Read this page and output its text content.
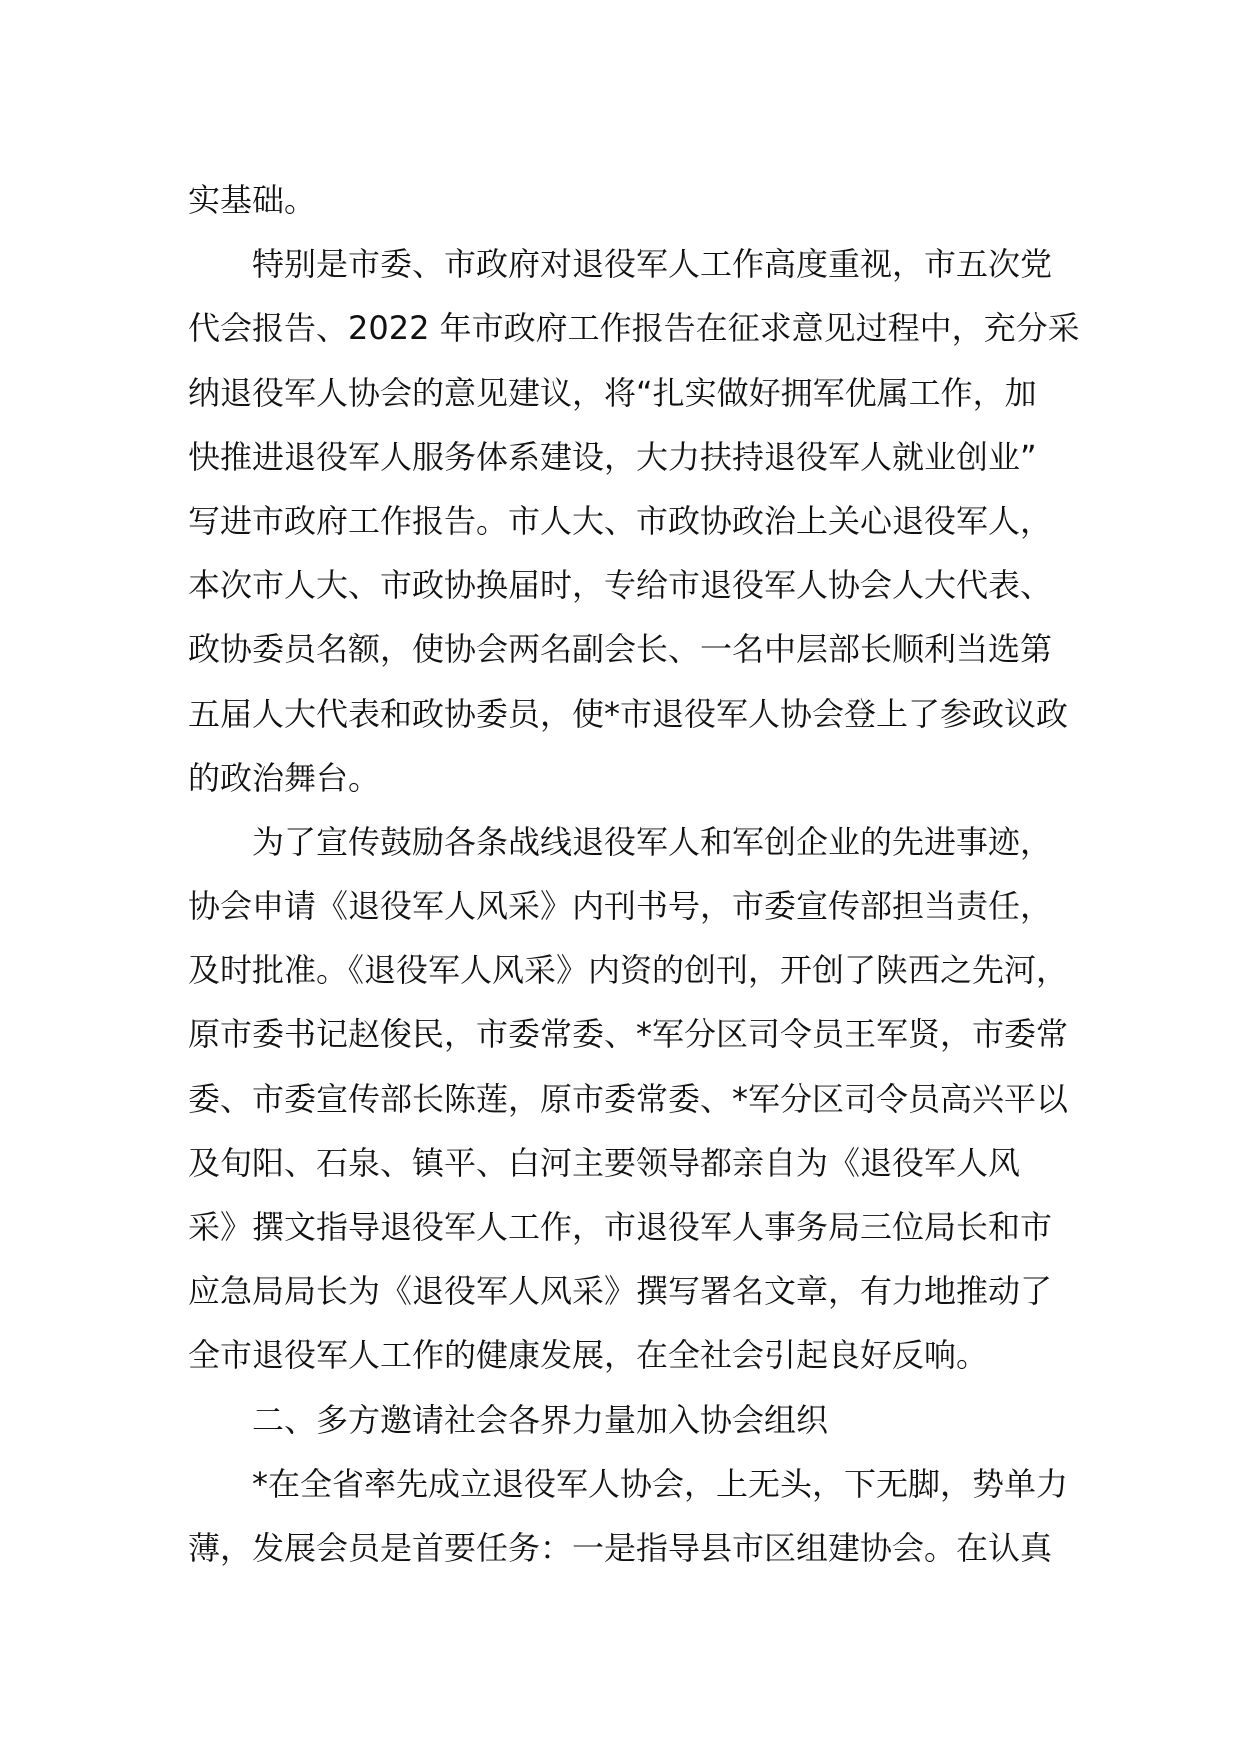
实基础。
特别是市委、市政府对退役军人工作高度重视，市五次党
代会报告、2022 年市政府工作报告在征求意见过程中，充分采
纳退役军人协会的意见建议，将“扎实做好拥军优属工作，加
快推进退役军人服务体系建设，大力扶持退役军人就业创业”
写进市政府工作报告。市人大、市政协政治上关心退役军人，
本次市人大、市政协换届时，专给市退役军人协会人大代表、
政协委员名额，使协会两名副会长、一名中层部长顺利当选第
五届人大代表和政协委员，使*市退役军人协会登上了参政议政
的政治舞台。
为了宣传鼓励各条战线退役军人和军创企业的先进事迹，
协会申请《退役军人风采》内刊书号，市委宣传部担当责任，
及时批准。《退役军人风采》内资的创刊，开创了陕西之先河，
原市委书记赵俊民，市委常委、*军分区司令员王军贤，市委常
委、市委宣传部长陈莲，原市委常委、*军分区司令员高兴平以
及旬阳、石泉、镇平、白河主要领导都亲自为《退役军人风
采》撰文指导退役军人工作，市退役军人事务局三位局长和市
应急局局长为《退役军人风采》撰写署名文章，有力地推动了
全市退役军人工作的健康发展，在全社会引起良好反响。
二、多方邀请社会各界力量加入协会组织
*在全省率先成立退役军人协会，上无头，下无脚，势单力
薄，发展会员是首要任务：一是指导县市区组建协会。在认真
